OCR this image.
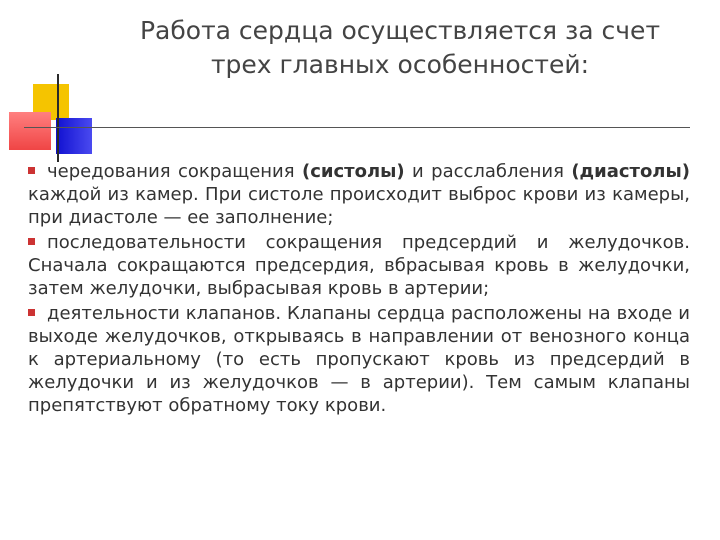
Работа сердца осуществляется за счет
трех главных особенностей:

чередования сокращения (систолы) и расслабления (диастолы) каждой из камер. При систоле происходит выброс крови из камеры, при диастоле — ее заполнение;

последовательности сокращения предсердий и желудочков. Сначала сокращаются предсердия, вбрасывая кровь в желудочки, затем желудочки, выбрасывая кровь в артерии;

деятельности клапанов. Клапаны сердца расположены на входе и выходе желудочков, открываясь в направлении от венозного конца к артериальному (то есть пропускают кровь из предсердий в желудочки и из желудочков — в артерии). Тем самым клапаны препятствуют обратному току крови.
